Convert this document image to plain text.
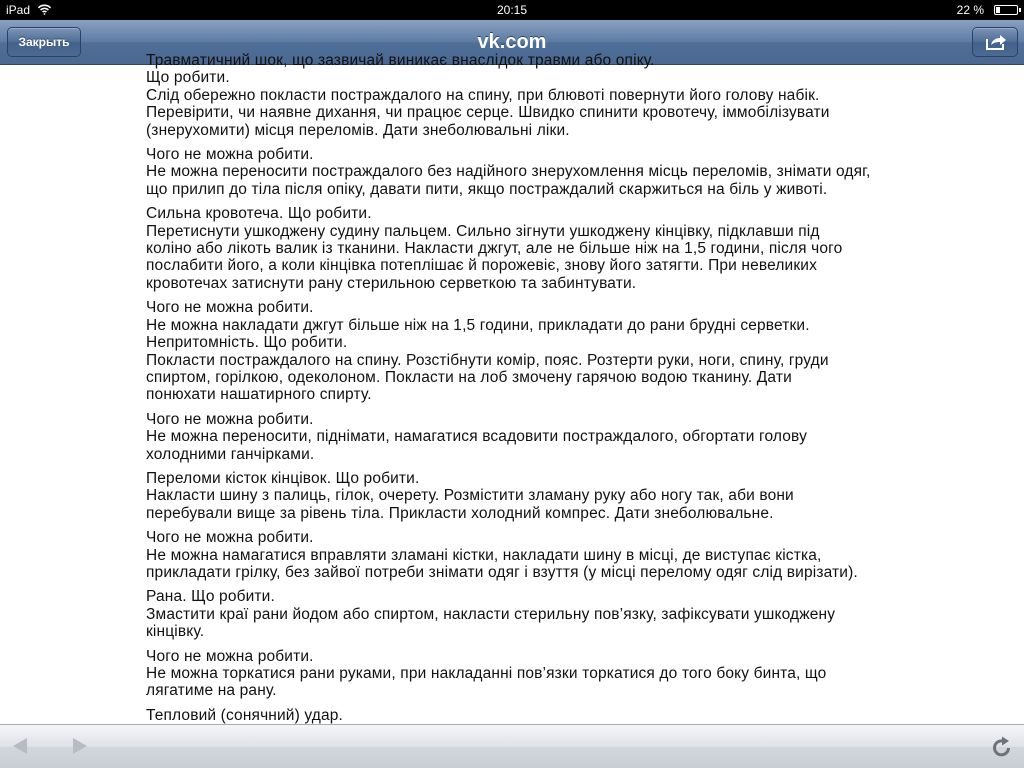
iPad	20:15	22 %
Закрыть	vk.com
Травматичний шок, що зазвичай виникає внаслідок травми або опіку.
Що робити.
Слід обережно покласти постраждалого на спину, при блювоті повернути його голову набік.
Перевірити, чи наявне дихання, чи працює серце. Швидко спинити кровотечу, іммобілізувати
(знерухомити) місця переломів. Дати знеболювальні ліки.
Чого не можна робити.
Не можна переносити постраждалого без надійного знерухомлення місць переломів, знімати одяг,
що прилип до тіла після опіку, давати пити, якщо постраждалий скаржиться на біль у животі.
Сильна кровотеча. Що робити.
Перетиснути ушкоджену судину пальцем. Сильно зігнути ушкоджену кінцівку, підклавши під
коліно або лікоть валик із тканини. Накласти джгут, але не більше ніж на 1,5 години, після чого
послабити його, а коли кінцівка потеплішає й порожевіє, знову його затягти. При невеликих
кровотечах затиснути рану стерильною серветкою та забинтувати.
Чого не можна робити.
Не можна накладати джгут більше ніж на 1,5 години, прикладати до рани брудні серветки.
Непритомність. Що робити.
Покласти постраждалого на спину. Розстібнути комір, пояс. Розтерти руки, ноги, спину, груди
спиртом, горілкою, одеколоном. Покласти на лоб змочену гарячою водою тканину. Дати
понюхати нашатирного спирту.
Чого не можна робити.
Не можна переносити, піднімати, намагатися всадовити постраждалого, обгортати голову
холодними ганчірками.
Переломи кісток кінцівок. Що робити.
Накласти шину з палиць, гілок, очерету. Розмістити зламану руку або ногу так, аби вони
перебували вище за рівень тіла. Прикласти холодний компрес. Дати знеболювальне.
Чого не можна робити.
Не можна намагатися вправляти зламані кістки, накладати шину в місці, де виступає кістка,
прикладати грілку, без зайвої потреби знімати одяг і взуття (у місці перелому одяг слід вирізати).
Рана. Що робити.
Змастити краї рани йодом або спиртом, накласти стерильну пов’язку, зафіксувати ушкоджену
кінцівку.
Чого не можна робити.
Не можна торкатися рани руками, при накладанні пов’язки торкатися до того боку бинта, що
лягатиме на рану.
Тепловий (сонячний) удар.
